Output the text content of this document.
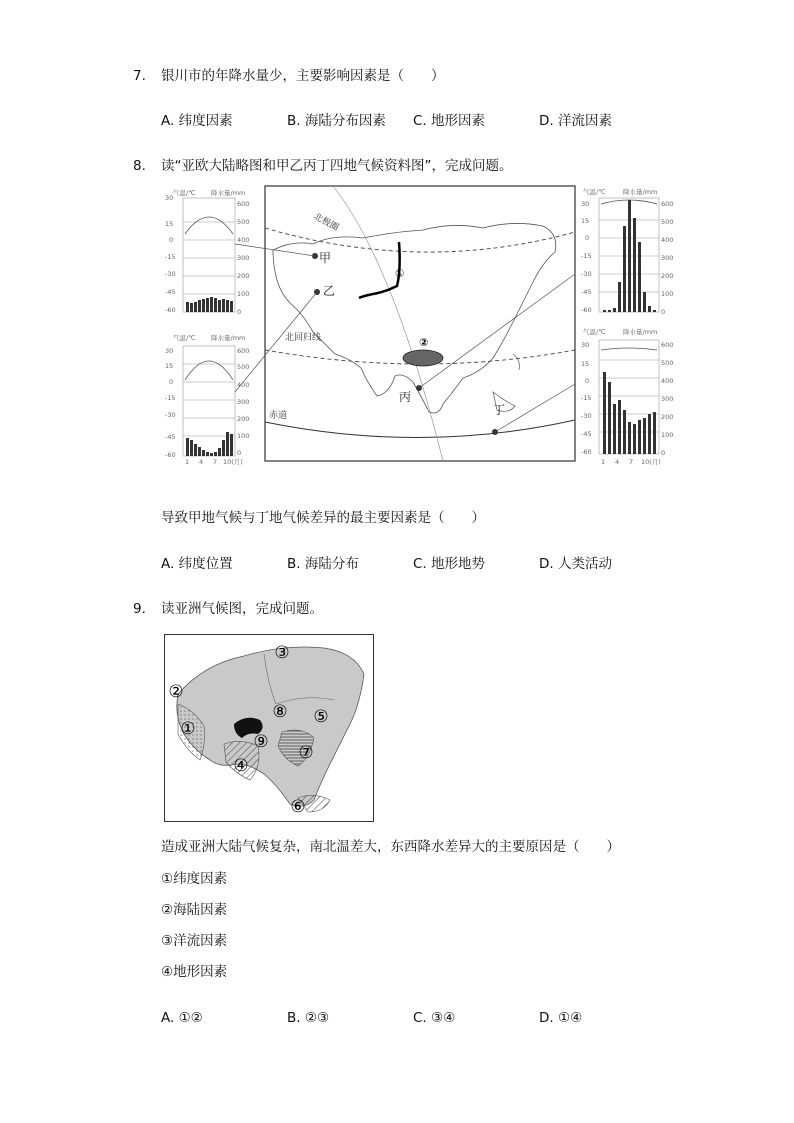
7. 银川市的年降水量少，主要影响因素是（　　）
A. 纬度因素	B. 海陆分布因素 C. 地形因素	D. 洋流因素
8. 读“亚欧大陆略图和甲乙丙丁四地气候资料图”，完成问题。
30
15
0
-15
-30
-45
-60
气温/℃ 降水量/mm
600
500
400
300
200
100
0
气温/℃ 降水量/mm
30
15
0
-15
-30
-45
-60
600
500
400
300
200
100
0
1 4 7 10(月)
北极圈
北回归线
赤道
甲
乙
丙
丁
①
②
气温/℃	降水量/mm
30
15
0
-15
-30
-45
-60
600
500
400
300
200
100
0
气温/℃	降水量/mm
30
15
0
-15
-30
-45
-60
600
500
400
300
200
100
0
1 4 7 10(月)
导致甲地气候与丁地气候差异的最主要因素是（　　）
A. 纬度位置	B. 海陆分布	C. 地形地势	D. 人类活动
9. 读亚洲气候图，完成问题。
③
②
①
⑧ ⑤
⑨
⑦
④
⑥
造成亚洲大陆气候复杂，南北温差大，东西降水差异大的主要原因是（　　）
①纬度因素
②海陆因素
③洋流因素
④地形因素
A. ①②	B. ②③	C. ③④	D. ①④
